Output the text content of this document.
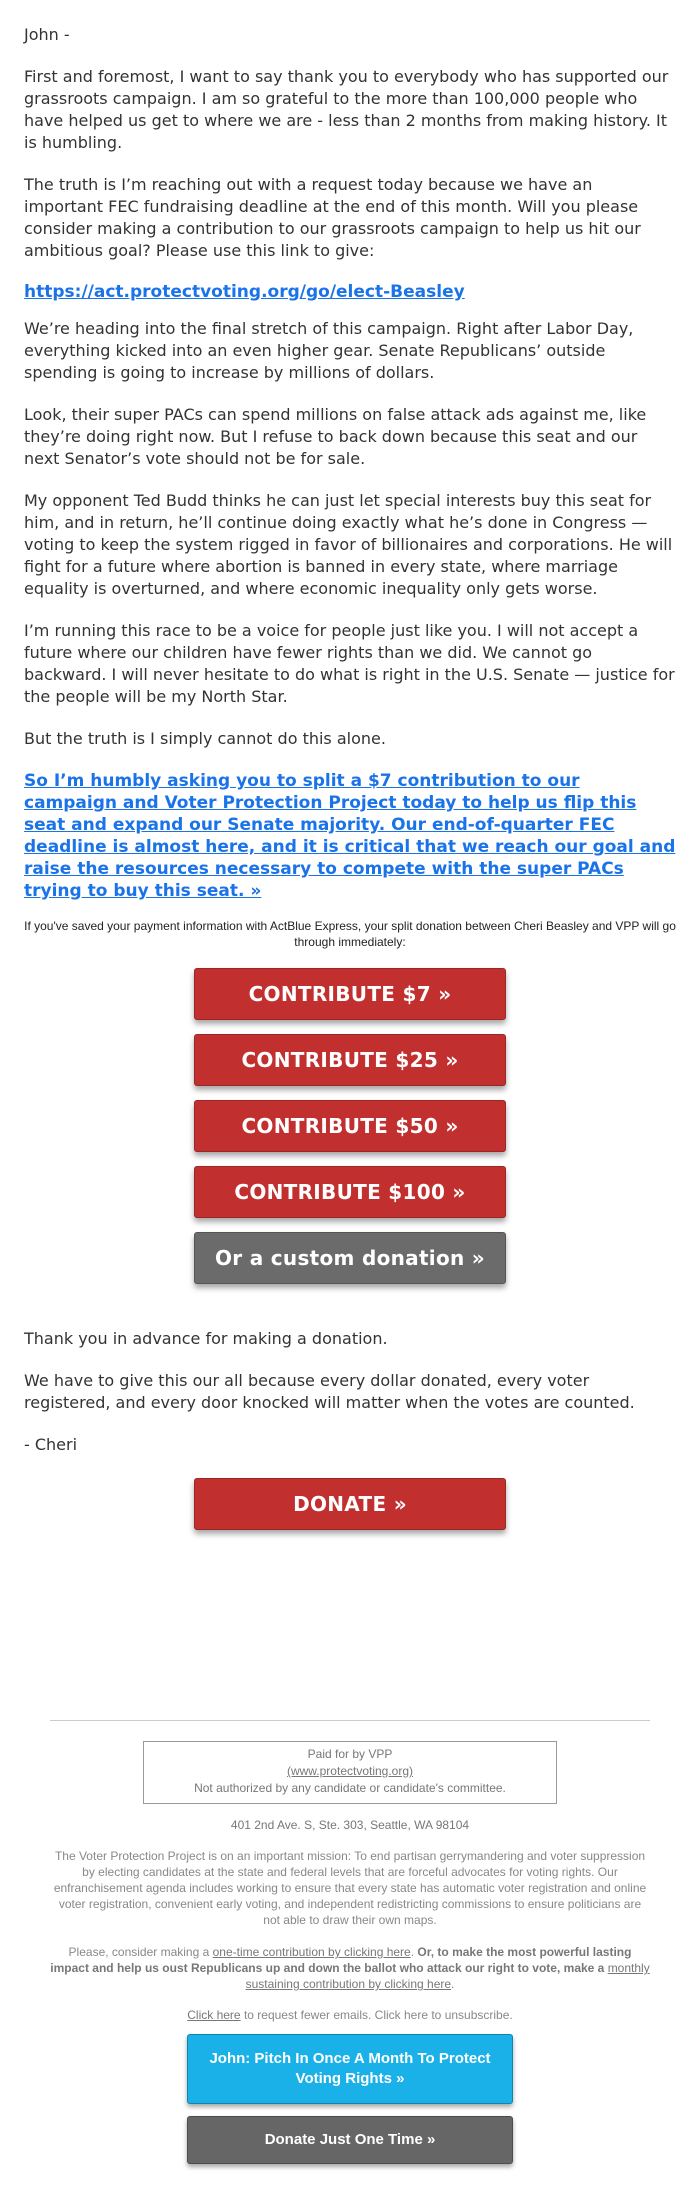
John -

First and foremost, I want to say thank you to everybody who has supported our grassroots campaign. I am so grateful to the more than 100,000 people who have helped us get to where we are - less than 2 months from making history. It is humbling.

The truth is I’m reaching out with a request today because we have an important FEC fundraising deadline at the end of this month. Will you please consider making a contribution to our grassroots campaign to help us hit our ambitious goal? Please use this link to give:

https://act.protectvoting.org/go/elect-Beasley

We’re heading into the final stretch of this campaign. Right after Labor Day, everything kicked into an even higher gear. Senate Republicans’ outside spending is going to increase by millions of dollars.

Look, their super PACs can spend millions on false attack ads against me, like they’re doing right now. But I refuse to back down because this seat and our next Senator’s vote should not be for sale.

My opponent Ted Budd thinks he can just let special interests buy this seat for him, and in return, he’ll continue doing exactly what he’s done in Congress — voting to keep the system rigged in favor of billionaires and corporations. He will fight for a future where abortion is banned in every state, where marriage equality is overturned, and where economic inequality only gets worse.

I’m running this race to be a voice for people just like you. I will not accept a future where our children have fewer rights than we did. We cannot go backward. I will never hesitate to do what is right in the U.S. Senate — justice for the people will be my North Star.

But the truth is I simply cannot do this alone.

So I’m humbly asking you to split a $7 contribution to our campaign and Voter Protection Project today to help us flip this seat and expand our Senate majority. Our end-of-quarter FEC deadline is almost here, and it is critical that we reach our goal and raise the resources necessary to compete with the super PACs trying to buy this seat. »

If you've saved your payment information with ActBlue Express, your split donation between Cheri Beasley and VPP will go through immediately:

CONTRIBUTE $7 »
CONTRIBUTE $25 »
CONTRIBUTE $50 »
CONTRIBUTE $100 »
Or a custom donation »

Thank you in advance for making a donation.

We have to give this our all because every dollar donated, every voter registered, and every door knocked will matter when the votes are counted.

- Cheri

DONATE »
Paid for by VPP
(www.protectvoting.org)
Not authorized by any candidate or candidate's committee.
401 2nd Ave. S, Ste. 303, Seattle, WA 98104
The Voter Protection Project is on an important mission: To end partisan gerrymandering and voter suppression by electing candidates at the state and federal levels that are forceful advocates for voting rights. Our enfranchisement agenda includes working to ensure that every state has automatic voter registration and online voter registration, convenient early voting, and independent redistricting commissions to ensure politicians are not able to draw their own maps.
Please, consider making a one-time contribution by clicking here. Or, to make the most powerful lasting impact and help us oust Republicans up and down the ballot who attack our right to vote, make a monthly sustaining contribution by clicking here.
Click here to request fewer emails. Click here to unsubscribe.
John: Pitch In Once A Month To Protect Voting Rights »
Donate Just One Time »
